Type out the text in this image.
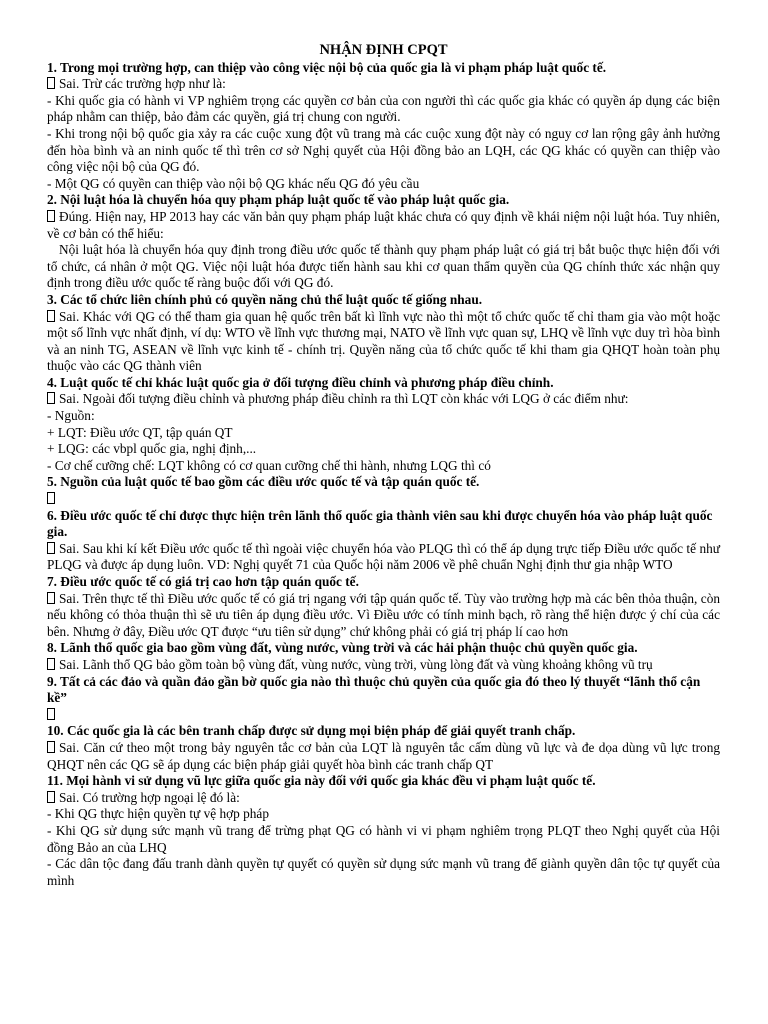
NHẬN ĐỊNH CPQT

1. Trong mọi trường hợp, can thiệp vào công việc nội bộ của quốc gia là vi phạm pháp luật quốc tế.

Sai. Trừ các trường hợp như là:

- Khi quốc gia có hành vi VP nghiêm trọng các quyền cơ bản của con người thì các quốc gia khác có quyền áp dụng các biện pháp nhằm can thiệp, bảo đảm các quyền, giá trị chung con người.

- Khi trong nội bộ quốc gia xảy ra các cuộc xung đột vũ trang mà các cuộc xung đột này có nguy cơ lan rộng gây ảnh hưởng đến hòa bình và an ninh quốc tế thì trên cơ sở Nghị quyết của Hội đồng bảo an LQH, các QG khác có quyền can thiệp vào công việc nội bộ của QG đó.

- Một QG có quyền can thiệp vào nội bộ QG khác nếu QG đó yêu cầu

2. Nội luật hóa là chuyển hóa quy phạm pháp luật quốc tế vào pháp luật quốc gia.

Đúng. Hiện nay, HP 2013 hay các văn bản quy phạm pháp luật khác chưa có quy định về khái niệm nội luật hóa. Tuy nhiên, về cơ bản có thể hiểu:

Nội luật hóa là chuyển hóa quy định trong điều ước quốc tế thành quy phạm pháp luật có giá trị bắt buộc thực hiện đối với tổ chức, cá nhân ở một QG. Việc nội luật hóa được tiến hành sau khi cơ quan thẩm quyền của QG chính thức xác nhận quy định trong điều ước quốc tế ràng buộc đối với QG đó.

3. Các tổ chức liên chính phủ có quyền năng chủ thể luật quốc tế giống nhau.

Sai. Khác với QG có thể tham gia quan hệ quốc trên bất kì lĩnh vực nào thì một tổ chức quốc tế chỉ tham gia vào một hoặc một số lĩnh vực nhất định, ví dụ: WTO về lĩnh vực thương mại, NATO về lĩnh vực quan sự, LHQ về lĩnh vực duy trì hòa bình và an ninh TG, ASEAN về lĩnh vực kinh tế - chính trị. Quyền năng của tổ chức quốc tế khi tham gia QHQT hoàn toàn phụ thuộc vào các QG thành viên

4. Luật quốc tế chỉ khác luật quốc gia ở đối tượng điều chỉnh và phương pháp điều chỉnh.

Sai. Ngoài đối tượng điều chỉnh và phương pháp điều chỉnh ra thì LQT còn khác với LQG ở các điểm như:

- Nguồn:

+ LQT: Điều ước QT, tập quán QT

+ LQG: các vbpl quốc gia, nghị định,...

- Cơ chế cưỡng chế: LQT không có cơ quan cưỡng chế thi hành, nhưng LQG thì có

5. Nguồn của luật quốc tế bao gồm các điều ước quốc tế và tập quán quốc tế.

6. Điều ước quốc tế chỉ được thực hiện trên lãnh thổ quốc gia thành viên sau khi được chuyển hóa vào pháp luật quốc gia.

Sai. Sau khi kí kết Điều ước quốc tế thì ngoài việc chuyển hóa vào PLQG thì có thể áp dụng trực tiếp Điều ước quốc tế như PLQG và được áp dụng luôn. VD: Nghị quyết 71 của Quốc hội năm 2006 về phê chuẩn Nghị định thư gia nhập WTO

7. Điều ước quốc tế có giá trị cao hơn tập quán quốc tế.

Sai. Trên thực tế thì Điều ước quốc tế có giá trị ngang với tập quán quốc tế. Tùy vào trường hợp mà các bên thỏa thuận, còn nếu không có thỏa thuận thì sẽ ưu tiên áp dụng điều ước. Vì Điều ước có tính minh bạch, rõ ràng thể hiện được ý chí của các bên. Nhưng ở đây, Điều ước QT được “ưu tiên sử dụng” chứ không phải có giá trị pháp lí cao hơn

8. Lãnh thổ quốc gia bao gồm vùng đất, vùng nước, vùng trời và các hải phận thuộc chủ quyền quốc gia.

Sai. Lãnh thổ QG bảo gồm toàn bộ vùng đất, vùng nước, vùng trời, vùng lòng đất và vùng khoảng không vũ trụ

9. Tất cả các đảo và quần đảo gần bờ quốc gia nào thì thuộc chủ quyền của quốc gia đó theo lý thuyết “lãnh thổ cận kề”

10. Các quốc gia là các bên tranh chấp được sử dụng mọi biện pháp để giải quyết tranh chấp.

Sai. Căn cứ theo một trong bảy nguyên tắc cơ bản của LQT là nguyên tắc cấm dùng vũ lực và đe dọa dùng vũ lực trong QHQT nên các QG sẽ áp dụng các biện pháp giải quyết hòa bình các tranh chấp QT

11. Mọi hành vi sử dụng vũ lực giữa quốc gia này đối với quốc gia khác đều vi phạm luật quốc tế.

Sai. Có trường hợp ngoại lệ đó là:

- Khi QG thực hiện quyền tự vệ hợp pháp

- Khi QG sử dụng sức mạnh vũ trang để trừng phạt QG có hành vi vi phạm nghiêm trọng PLQT theo Nghị quyết của Hội đồng Bảo an của LHQ

- Các dân tộc đang đấu tranh dành quyền tự quyết có quyền sử dụng sức mạnh vũ trang để giành quyền dân tộc tự quyết của mình
